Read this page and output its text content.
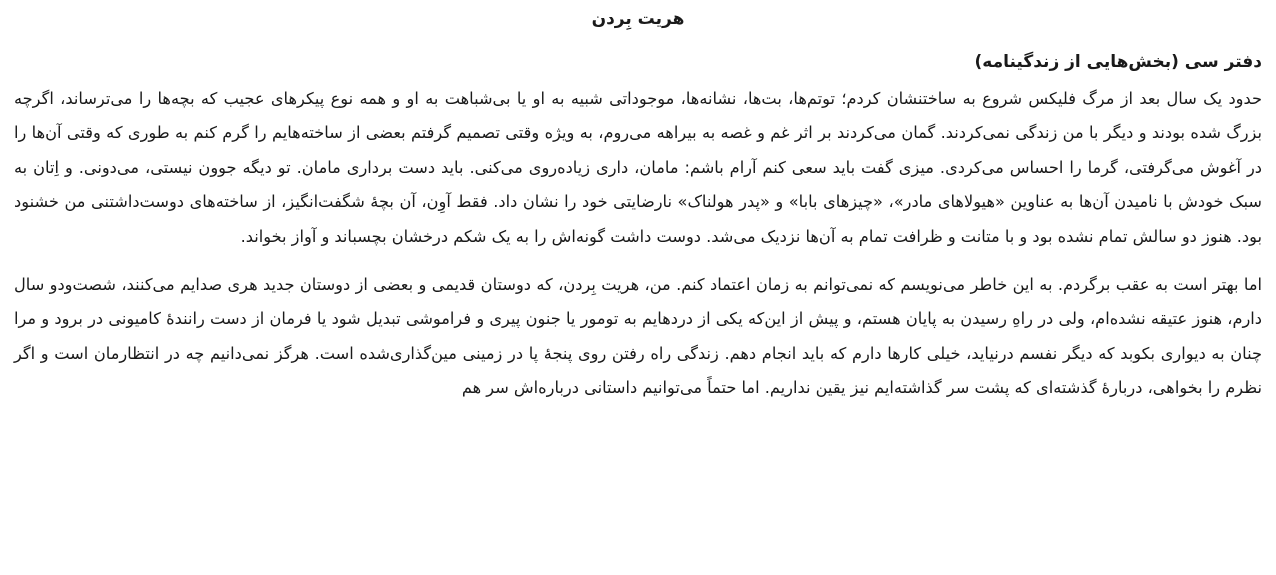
هریت بِردن
دفتر سی (بخش‌هایی از زندگینامه)

حدود یک سال بعد از مرگ فلیکس شروع به ساختنشان کردم؛ توتم‌ها، بت‌ها، نشانه‌ها، موجوداتی شبیه به او یا بی‌شباهت به او و همه نوع پیکرهای عجیب که بچه‌ها را می‌ترساند، اگرچه بزرگ شده بودند و دیگر با من زندگی نمی‌کردند. گمان می‌کردند بر اثر غم و غصه به بیراهه می‌روم، به ویژه وقتی تصمیم گرفتم بعضی از ساخته‌هایم را گرم کنم به طوری که وقتی آن‌ها را در آغوش می‌گرفتی، گرما را احساس می‌کردی. میزی گفت باید سعی کنم آرام باشم: مامان، داری زیاده‌روی می‌کنی. باید دست برداری مامان. تو دیگه جوون نیستی، می‌دونی. و اِتان به سبک خودش با نامیدن آن‌ها به عناوین «هیولاهای مادر»، «چیزهای بابا» و «پدر هولناک» نارضایتی خود را نشان داد. فقط آوِن، آن بچهٔ شگفت‌انگیز، از ساخته‌های دوست‌داشتنی من خشنود بود. هنوز دو سالش تمام نشده بود و با متانت و ظرافت تمام به آن‌ها نزدیک می‌شد. دوست داشت گونه‌اش را به یک شکم درخشان بچسباند و آواز بخواند.

اما بهتر است به عقب برگردم. به این خاطر می‌نویسم که نمی‌توانم به زمان اعتماد کنم. من، هریت بِردن، که دوستان قدیمی و بعضی از دوستان جدید هری صدایم می‌کنند، شصت‌ودو سال دارم، هنوز عتیقه نشده‌ام، ولی در راهِ رسیدن به پایان هستم، و پیش از این‌که یکی از دردهایم به تومور یا جنون پیری و فراموشی تبدیل شود یا فرمان از دست رانندهٔ کامیونی در برود و مرا چنان به دیواری بکوبد که دیگر نفسم درنیاید، خیلی کارها دارم که باید انجام دهم. زندگی راه رفتن روی پنجهٔ پا در زمینی مین‌گذاری‌شده است. هرگز نمی‌دانیم چه در انتظارمان است و اگر نظرم را بخواهی، دربارهٔ گذشته‌ای که پشت سر گذاشته‌ایم نیز یقین نداریم. اما حتماً می‌توانیم داستانی درباره‌اش سر هم
